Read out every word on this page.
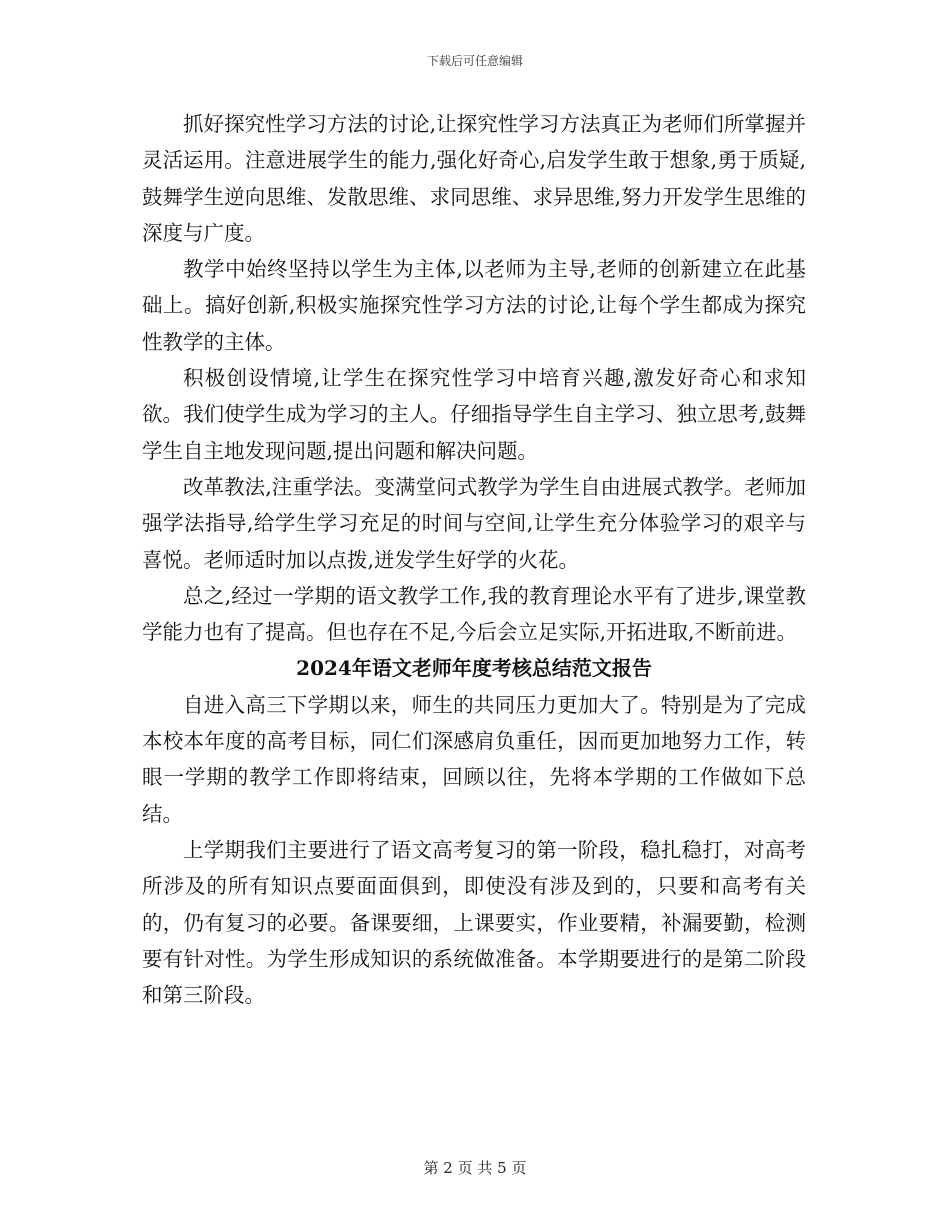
下载后可任意编辑

抓好探究性学习方法的讨论,让探究性学习方法真正为老师们所掌握并灵活运用。注意进展学生的能力,强化好奇心,启发学生敢于想象,勇于质疑,鼓舞学生逆向思维、发散思维、求同思维、求异思维,努力开发学生思维的深度与广度。

教学中始终坚持以学生为主体,以老师为主导,老师的创新建立在此基础上。搞好创新,积极实施探究性学习方法的讨论,让每个学生都成为探究性教学的主体。

积极创设情境,让学生在探究性学习中培育兴趣,激发好奇心和求知欲。我们使学生成为学习的主人。仔细指导学生自主学习、独立思考,鼓舞学生自主地发现问题,提出问题和解决问题。

改革教法,注重学法。变满堂问式教学为学生自由进展式教学。老师加强学法指导,给学生学习充足的时间与空间,让学生充分体验学习的艰辛与喜悦。老师适时加以点拨,迸发学生好学的火花。

总之,经过一学期的语文教学工作,我的教育理论水平有了进步,课堂教学能力也有了提高。但也存在不足,今后会立足实际,开拓进取,不断前进。

2024年语文老师年度考核总结范文报告

自进入高三下学期以来，师生的共同压力更加大了。特别是为了完成本校本年度的高考目标，同仁们深感肩负重任，因而更加地努力工作，转眼一学期的教学工作即将结束，回顾以往，先将本学期的工作做如下总结。

上学期我们主要进行了语文高考复习的第一阶段，稳扎稳打，对高考所涉及的所有知识点要面面俱到，即使没有涉及到的，只要和高考有关的，仍有复习的必要。备课要细，上课要实，作业要精，补漏要勤，检测要有针对性。为学生形成知识的系统做准备。本学期要进行的是第二阶段和第三阶段。

第 2 页 共 5 页
